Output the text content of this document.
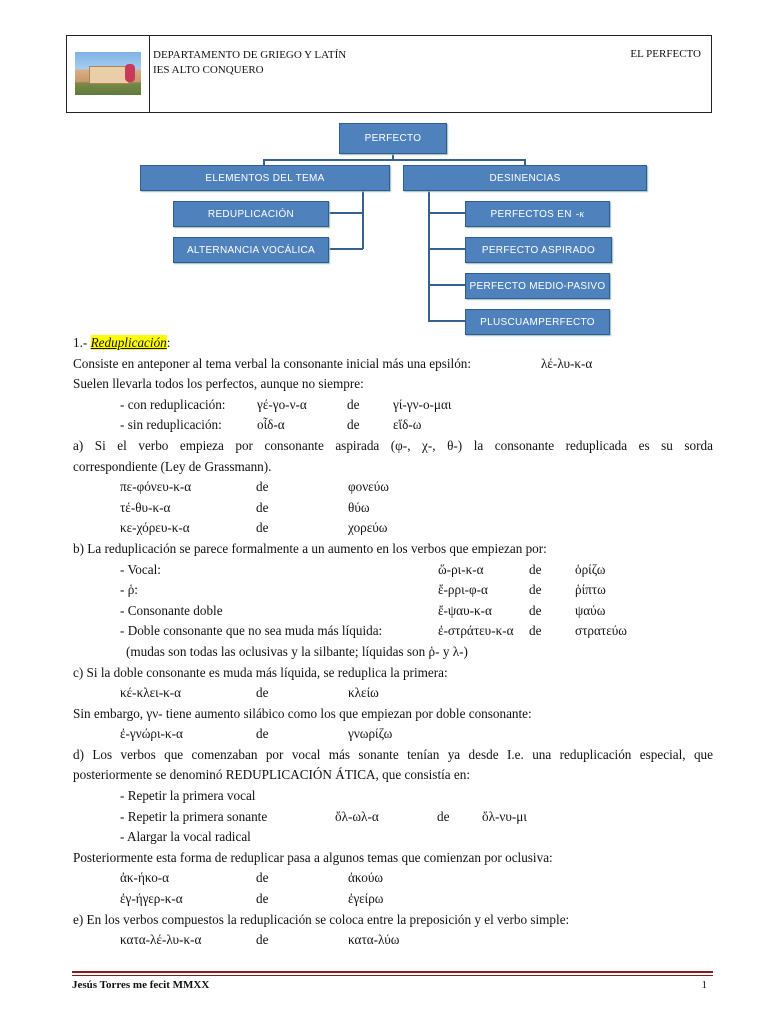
DEPARTAMENTO DE GRIEGO Y LATÍN
IES ALTO CONQUERO
EL PERFECTO
PERFECTO
ELEMENTOS DEL TEMA	DESINENCIAS
REDUPLICACIÓN
ALTERNANCIA VOCÁLICA
PERFECTOS EN -κ
PERFECTO ASPIRADO
PERFECTO MEDIO-PASIVO
PLUSCUAMPERFECTO
1.- Reduplicación:
Consiste en anteponer al tema verbal la consonante inicial más una epsilón:	λέ-λυ-κ-α
Suelen llevarla todos los perfectos, aunque no siempre:
- con reduplicación: γέ-γο-ν-α	de	γί-γν-ο-μαι
- sin reduplicación:	οἶδ-α	de	εἴδ-ω
a) Si el verbo empieza por consonante aspirada (φ-, χ-, θ-) la consonante reduplicada es su sorda
correspondiente (Ley de Grassmann).
πε-φόνευ-κ-α	de	φονεύω
τέ-θυ-κ-α	de	θύω
κε-χόρευ-κ-α	de	χορεύω
b) La reduplicación se parece formalmente a un aumento en los verbos que empiezan por:
- Vocal:	ὥ-ρι-κ-α	de	ὁρίζω
- ῥ:	ἔ-ρρι-φ-α	de	ῥίπτω
- Consonante doble	ἔ-ψαυ-κ-α	de	ψαύω
- Doble consonante que no sea muda más líquida:	ἐ-στράτευ-κ-α de	στρατεύω
(mudas son todas las oclusivas y la silbante; líquidas son ῥ- y λ-)
c) Si la doble consonante es muda más líquida, se reduplica la primera:
κέ-κλει-κ-α	de	κλείω
Sin embargo, γν- tiene aumento silábico como los que empiezan por doble consonante:
ἐ-γνώρι-κ-α	de	γνωρίζω
d) Los verbos que comenzaban por vocal más sonante tenían ya desde I.e. una reduplicación especial, que
posteriormente se denominó REDUPLICACIÓN ÁTICA, que consistía en:
- Repetir la primera vocal
- Repetir la primera sonante	ὄλ-ωλ-α	de ὄλ-νυ-μι
- Alargar la vocal radical
Posteriormente esta forma de reduplicar pasa a algunos temas que comienzan por oclusiva:
ἀκ-ήκο-α	de	ἀκούω
ἐγ-ήγερ-κ-α	de	ἐγείρω
e) En los verbos compuestos la reduplicación se coloca entre la preposición y el verbo simple:
κατα-λέ-λυ-κ-α	de	κατα-λύω
Jesús Torres me fecit MMXX	1
